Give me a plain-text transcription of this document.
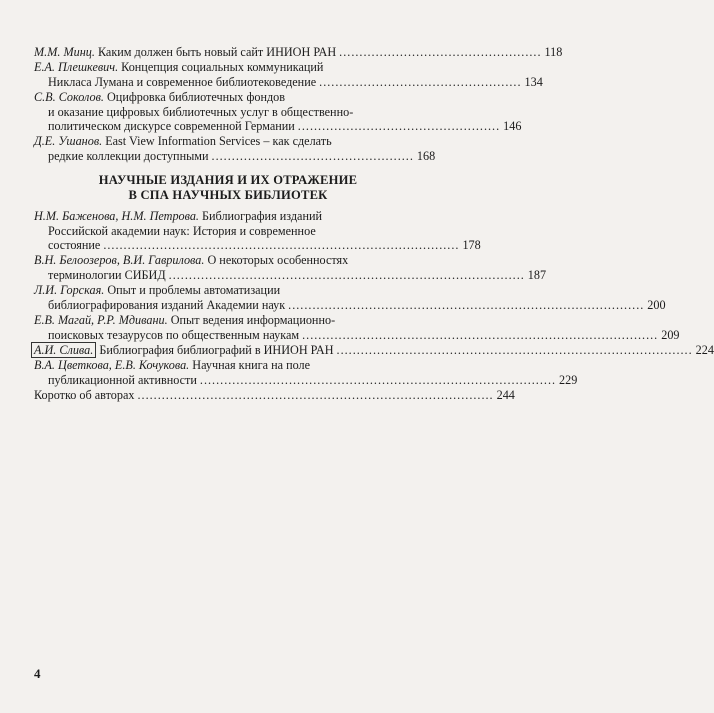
М.М. Минц. Каким должен быть новый сайт ИНИОН РАН .................................................. 118
Е.А. Плешкевич. Концепция социальных коммуникаций
Никласа Лумана и современное библиотековедение .................................................. 134
С.В. Соколов. Оцифровка библиотечных фондов
и оказание цифровых библиотечных услуг в общественно-
политическом дискурсе современной Германии .................................................. 146
Д.Е. Ушанов. East View Information Services – как сделать
редкие коллекции доступными .................................................. 168
НАУЧНЫЕ ИЗДАНИЯ И ИХ ОТРАЖЕНИЕ
В СПА НАУЧНЫХ БИБЛИОТЕК
Н.М. Баженова, Н.М. Петрова. Библиография изданий
Российской академии наук: История и современное
состояние ........................................................................................ 178
В.Н. Белоозеров, В.И. Гаврилова. О некоторых особенностях
терминологии СИБИД ........................................................................................ 187
Л.И. Горская. Опыт и проблемы автоматизации
библиографирования изданий Академии наук ........................................................................................ 200
Е.В. Магай, Р.Р. Мдивани. Опыт ведения информационно-
поисковых тезаурусов по общественным наукам ........................................................................................ 209
А.И. Слива. Библиография библиографий в ИНИОН РАН ........................................................................................ 224
В.А. Цветкова, Е.В. Кочукова. Научная книга на поле
публикационной активности ........................................................................................ 229
Коротко об авторах ........................................................................................ 244
4
